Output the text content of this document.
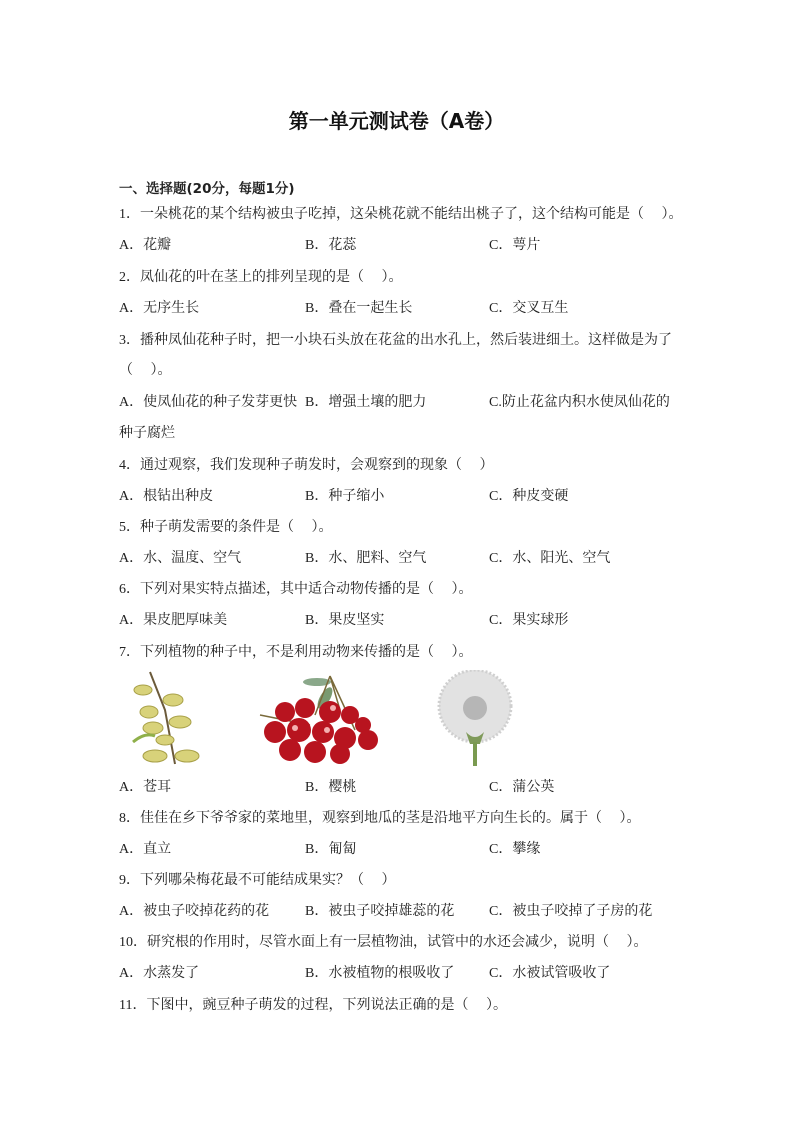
第一单元测试卷（A卷）
一、选择题(20分，每题1分)
1．一朵桃花的某个结构被虫子吃掉，这朵桃花就不能结出桃子了，这个结构可能是（　 ）。
A．花瓣	B．花蕊	C．萼片
2．凤仙花的叶在茎上的排列呈现的是（　 ）。
A．无序生长	B．叠在一起生长	C．交叉互生
3．播种凤仙花种子时，把一小块石头放在花盆的出水孔上，然后装进细土。这样做是为了
（　 ）。
A．使凤仙花的种子发芽更快 B．增强土壤的肥力	C.防止花盆内积水使凤仙花的
种子腐烂
4．通过观察，我们发现种子萌发时，会观察到的现象（　 ）
A．根钻出种皮	B．种子缩小	C．种皮变硬
5．种子萌发需要的条件是（　 ）。
A．水、温度、空气	B．水、肥料、空气	C．水、阳光、空气
6．下列对果实特点描述，其中适合动物传播的是（　 ）。
A．果皮肥厚味美	B．果皮坚实	C．果实球形
7．下列植物的种子中，不是利用动物来传播的是（　 ）。
A．苍耳	B．樱桃	C．蒲公英
8．佳佳在乡下爷爷家的菜地里，观察到地瓜的茎是沿地平方向生长的。属于（　 ）。
A．直立	B．匍匐	C．攀缘
9．下列哪朵梅花最不可能结成果实？（　 ）
A．被虫子咬掉花药的花	B．被虫子咬掉雄蕊的花 C．被虫子咬掉了子房的花
10．研究根的作用时，尽管水面上有一层植物油，试管中的水还会减少，说明（　 ）。
A．水蒸发了	B．水被植物的根吸收了 C．水被试管吸收了
11．下图中，豌豆种子萌发的过程，下列说法正确的是（　 ）。
